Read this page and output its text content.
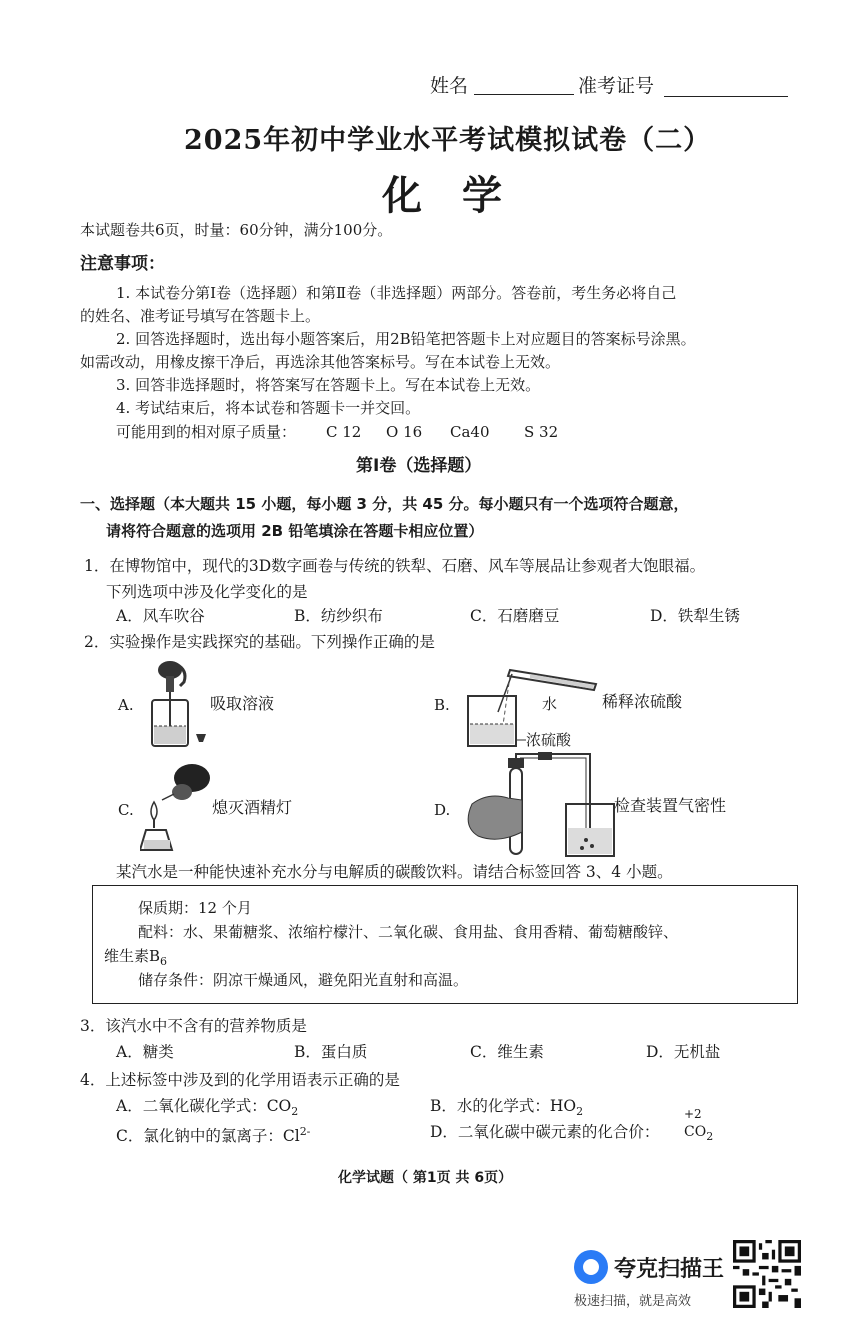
姓名	准考证号
2025年初中学业水平考试模拟试卷（二）
化学
本试题卷共6页，时量：60分钟，满分100分。
注意事项：
1. 本试卷分第Ⅰ卷（选择题）和第Ⅱ卷（非选择题）两部分。答卷前，考生务必将自己
的姓名、准考证号填写在答题卡上。
2. 回答选择题时，选出每小题答案后，用2B铅笔把答题卡上对应题目的答案标号涂黑。
如需改动，用橡皮擦干净后，再选涂其他答案标号。写在本试卷上无效。
3. 回答非选择题时，将答案写在答题卡上。写在本试卷上无效。
4. 考试结束后，将本试卷和答题卡一并交回。
可能用到的相对原子质量： C 12 O 16 Ca40 S 32
第Ⅰ卷（选择题）
一、选择题（本大题共 15 小题，每小题 3 分，共 45 分。每小题只有一个选项符合题意，
请将符合题意的选项用 2B 铅笔填涂在答题卡相应位置）
1．在博物馆中，现代的3D数字画卷与传统的铁犁、石磨、风车等展品让参观者大饱眼福。
下列选项中涉及化学变化的是
A．风车吹谷	B．纺纱织布	C．石磨磨豆	D．铁犁生锈
2．实验操作是实践探究的基础。下列操作正确的是
A.	吸取溶液	B.	水	稀释浓硫酸
浓硫酸
C.	熄灭酒精灯	D.	检查装置气密性
某汽水是一种能快速补充水分与电解质的碳酸饮料。请结合标签回答 3、4 小题。
保质期：12 个月
配料：水、果葡糖浆、浓缩柠檬汁、二氧化碳、食用盐、食用香精、葡萄糖酸锌、
维生素$B_6$
储存条件：阴凉干燥通风，避免阳光直射和高温。
3．该汽水中不含有的营养物质是
A．糖类	B．蛋白质	C．维生素	D．无机盐
4．上述标签中涉及到的化学用语表示正确的是
A．二氧化碳化学式：$CO_2$	B．水的化学式：$HO_2$
C．氯化钠中的氯离子：$Cl^{2-}$	D．二氧化碳中碳元素的化合价：
+2
$CO_2$
化学试题（ 第1页 共 6页）
夸克扫描王
极速扫描，就是高效
